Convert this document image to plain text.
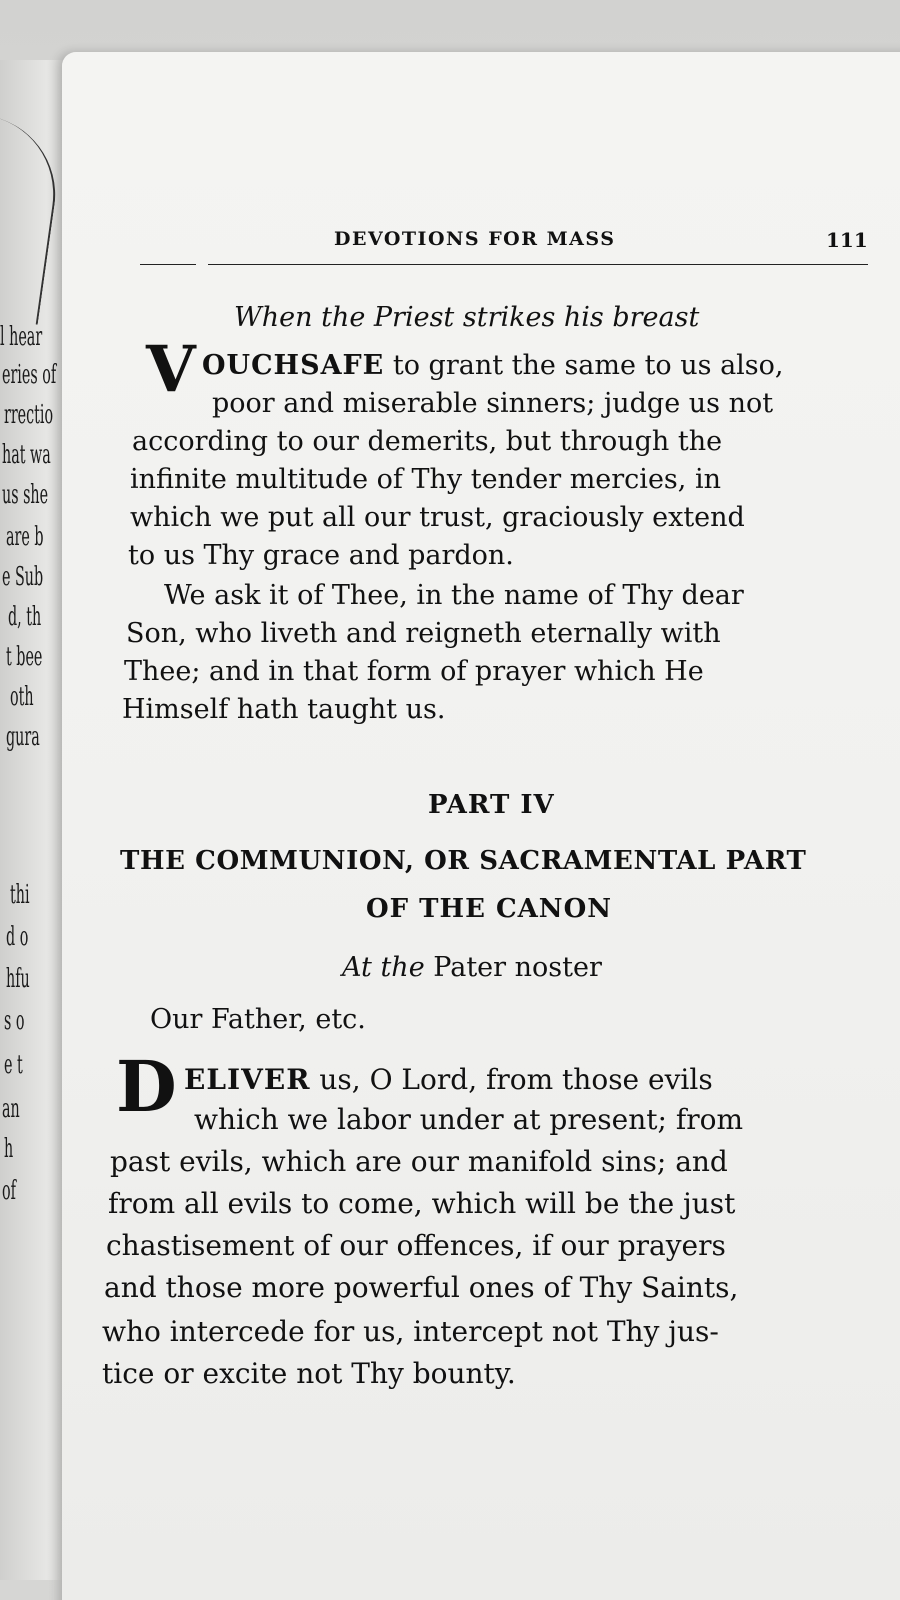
l hear
eries of
rrectio
hat wa
us she
are b
e Sub
d, th
t bee
oth
gura
thi
d o
hfu
s o
e t
an
h
of
DEVOTIONS FOR MASS	111
When the Priest strikes his breast
V OUCHSAFE to grant the same to us also,
poor and miserable sinners; judge us not
according to our demerits, but through the
infinite multitude of Thy tender mercies, in
which we put all our trust, graciously extend
to us Thy grace and pardon.
We ask it of Thee, in the name of Thy dear
Son, who liveth and reigneth eternally with
Thee; and in that form of prayer which He
Himself hath taught us.
PART IV
THE COMMUNION, OR SACRAMENTAL PART
OF THE CANON
At the Pater noster
Our Father, etc.
D ELIVER us, O Lord, from those evils
which we labor under at present; from
past evils, which are our manifold sins; and
from all evils to come, which will be the just
chastisement of our offences, if our prayers
and those more powerful ones of Thy Saints,
who intercede for us, intercept not Thy jus-
tice or excite not Thy bounty.
